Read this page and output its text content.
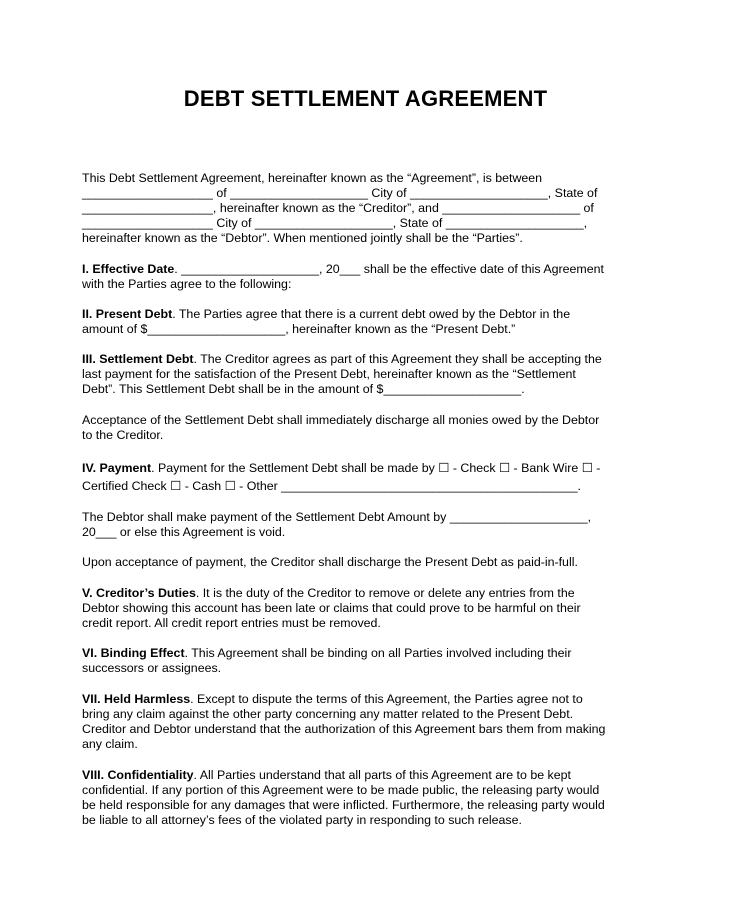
DEBT SETTLEMENT AGREEMENT
This Debt Settlement Agreement, hereinafter known as the “Agreement”, is between
___________________ of ____________________ City of ____________________, State of
___________________, hereinafter known as the “Creditor”, and ____________________ of
___________________ City of ____________________, State of ____________________,
hereinafter known as the “Debtor”. When mentioned jointly shall be the “Parties”.
I. Effective Date. ____________________, 20___ shall be the effective date of this Agreement
with the Parties agree to the following:
II. Present Debt. The Parties agree that there is a current debt owed by the Debtor in the
amount of $____________________, hereinafter known as the “Present Debt.”
III. Settlement Debt. The Creditor agrees as part of this Agreement they shall be accepting the
last payment for the satisfaction of the Present Debt, hereinafter known as the “Settlement
Debt”. This Settlement Debt shall be in the amount of $____________________.
Acceptance of the Settlement Debt shall immediately discharge all monies owed by the Debtor
to the Creditor.
IV. Payment. Payment for the Settlement Debt shall be made by ☐ - Check ☐ - Bank Wire ☐ -
Certified Check ☐ - Cash ☐ - Other ___________________________________________.
The Debtor shall make payment of the Settlement Debt Amount by ____________________,
20___ or else this Agreement is void.
Upon acceptance of payment, the Creditor shall discharge the Present Debt as paid-in-full.
V. Creditor’s Duties. It is the duty of the Creditor to remove or delete any entries from the
Debtor showing this account has been late or claims that could prove to be harmful on their
credit report. All credit report entries must be removed.
VI. Binding Effect. This Agreement shall be binding on all Parties involved including their
successors or assignees.
VII. Held Harmless. Except to dispute the terms of this Agreement, the Parties agree not to
bring any claim against the other party concerning any matter related to the Present Debt.
Creditor and Debtor understand that the authorization of this Agreement bars them from making
any claim.
VIII. Confidentiality. All Parties understand that all parts of this Agreement are to be kept
confidential. If any portion of this Agreement were to be made public, the releasing party would
be held responsible for any damages that were inflicted. Furthermore, the releasing party would
be liable to all attorney’s fees of the violated party in responding to such release.
